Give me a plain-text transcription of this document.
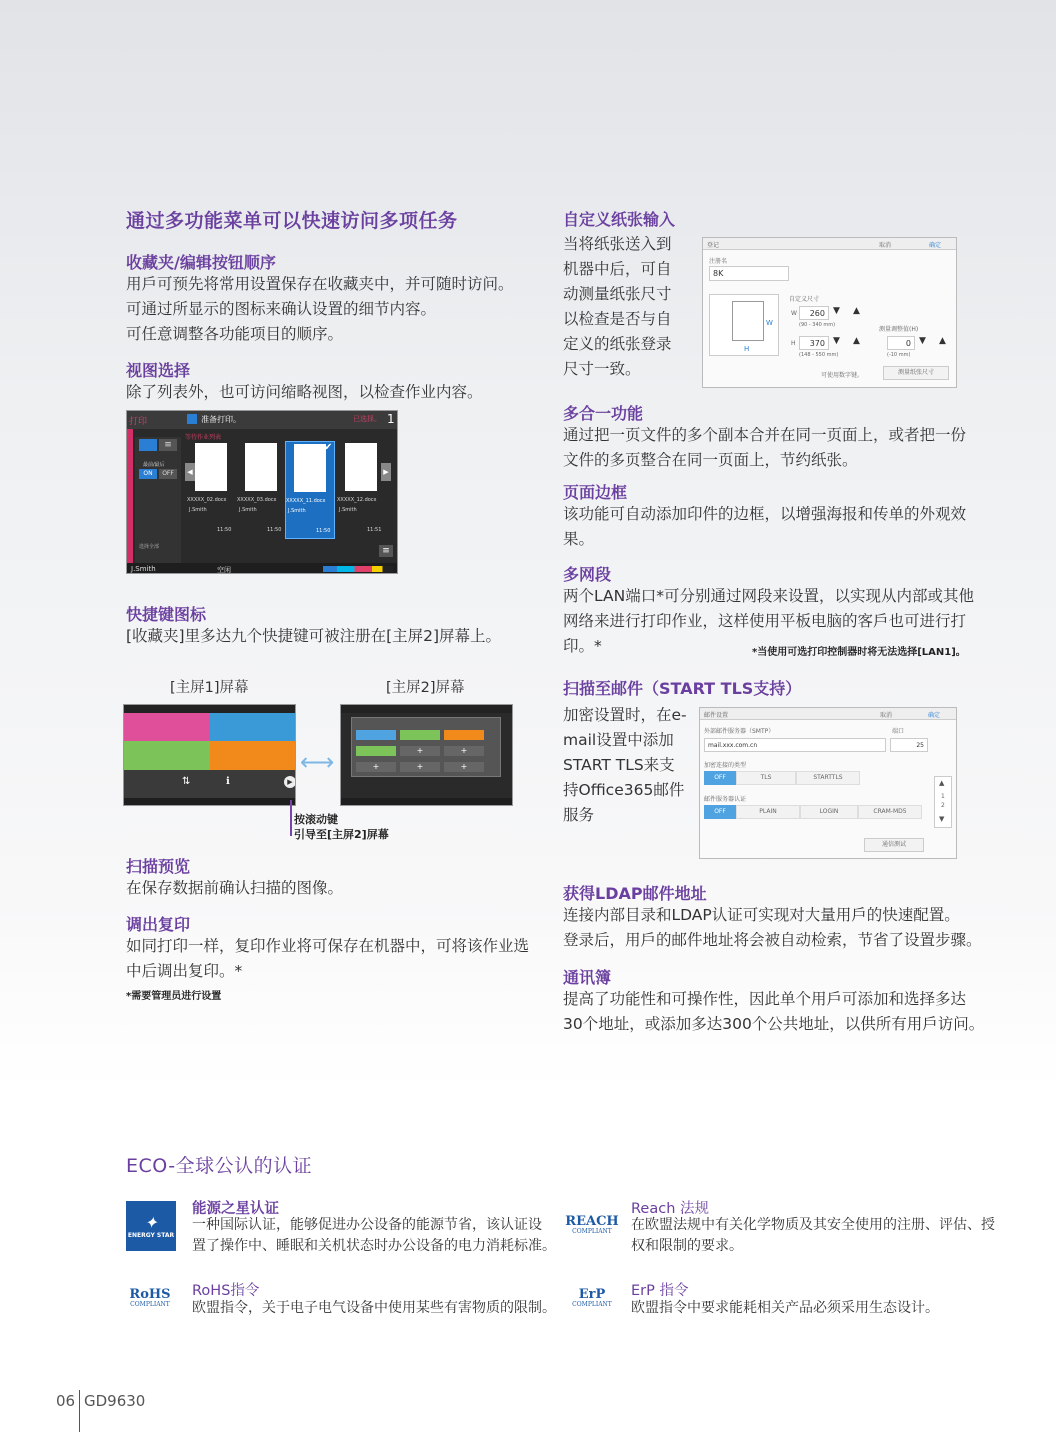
通过多功能菜单可以快速访问多项任务
收藏夹/编辑按钮顺序
用戶可预先将常用设置保存在收藏夹中，并可随时访问。
可通过所显示的图标来确认设置的细节内容。
可任意调整各功能项目的顺序。
视图选择
除了列表外，也可访问缩略视图，以检查作业内容。
打印	准备打印。	已选择。 1
等待作业列表
≡
最前/最后
ON	OFF
选择全部
◀	▶
XXXXX_02.docx
J.Smith
11:50
XXXXX_03.docx
J.Smith
11:50
✔
XXXXX_11.docx
J.Smith
11:50
XXXXX_12.docx
J.Smith
11:51
≡
J.Smith	空闲
快捷键图标
[收藏夹]里多达九个快捷键可被注册在[主屏2]屏幕上。
[主屏1]屏幕	[主屏2]屏幕
⇅	ℹ	▶
⟷	+	+
+	+	+
按滚动键
引导至[主屏2]屏幕
扫描预览
在保存数据前确认扫描的图像。
调出复印
如同打印一样，复印作业将可保存在机器中，可将该作业选
中后调出复印。*
*需要管理员进行设置
自定义纸张输入
当将纸张送入到
机器中后，可自
动测量纸张尺寸
以检查是否与自
定义的纸张登录
尺寸一致。
登记	取消	确定
注册名
8K
W
H
自定义尺寸
W	260 ▼ ▲
(90 - 340 mm)
H	370 ▼ ▲
(148 - 550 mm)
测量调整值(H)
0 ▼ ▲
(-10 mm)
可使用数字键。	测量纸张尺寸
多合一功能
通过把一页文件的多个副本合并在同一页面上，或者把一份
文件的多页整合在同一页面上，节约纸张。
页面边框
该功能可自动添加印件的边框，以增强海报和传单的外观效
果。
多网段
两个LAN端口*可分别通过网段来设置，以实现从内部或其他
网络来进行打印作业，这样使用平板电脑的客戶也可进行打
印。*	*当使用可选打印控制器时将无法选择[LAN1]。
扫描至邮件（START TLS支持）
加密设置时，在e-
mail设置中添加
START TLS来支
持Office365邮件
服务
邮件设置	取消	确定
外部邮件服务器（SMTP）	端口
mail.xxx.com.cn	25
加密连接的类型
OFF	TLS	STARTTLS
邮件服务器认证
OFF	PLAIN	LOGIN	CRAM-MD5
▲
1
2
▼
通信测试
获得LDAP邮件地址
连接内部目录和LDAP认证可实现对大量用戶的快速配置。
登录后，用戶的邮件地址将会被自动检索，节省了设置步骤。
通讯簿
提高了功能性和可操作性，因此单个用戶可添加和选择多达
30个地址，或添加多达300个公共地址，以供所有用戶访问。
ECO-全球公认的认证
✦
ENERGY STAR
能源之星认证
一种国际认证，能够促进办公设备的能源节省，该认证设
置了操作中、睡眠和关机状态时办公设备的电力消耗标准。
REACH
COMPLIANT
Reach 法规
在欧盟法规中有关化学物质及其安全使用的注册、评估、授
权和限制的要求。
RoHS
COMPLIANT
RoHS指令
欧盟指令，关于电子电气设备中使用某些有害物质的限制。
ErP
COMPLIANT
ErP 指令
欧盟指令中要求能耗相关产品必须采用生态设计。
06 GD9630
